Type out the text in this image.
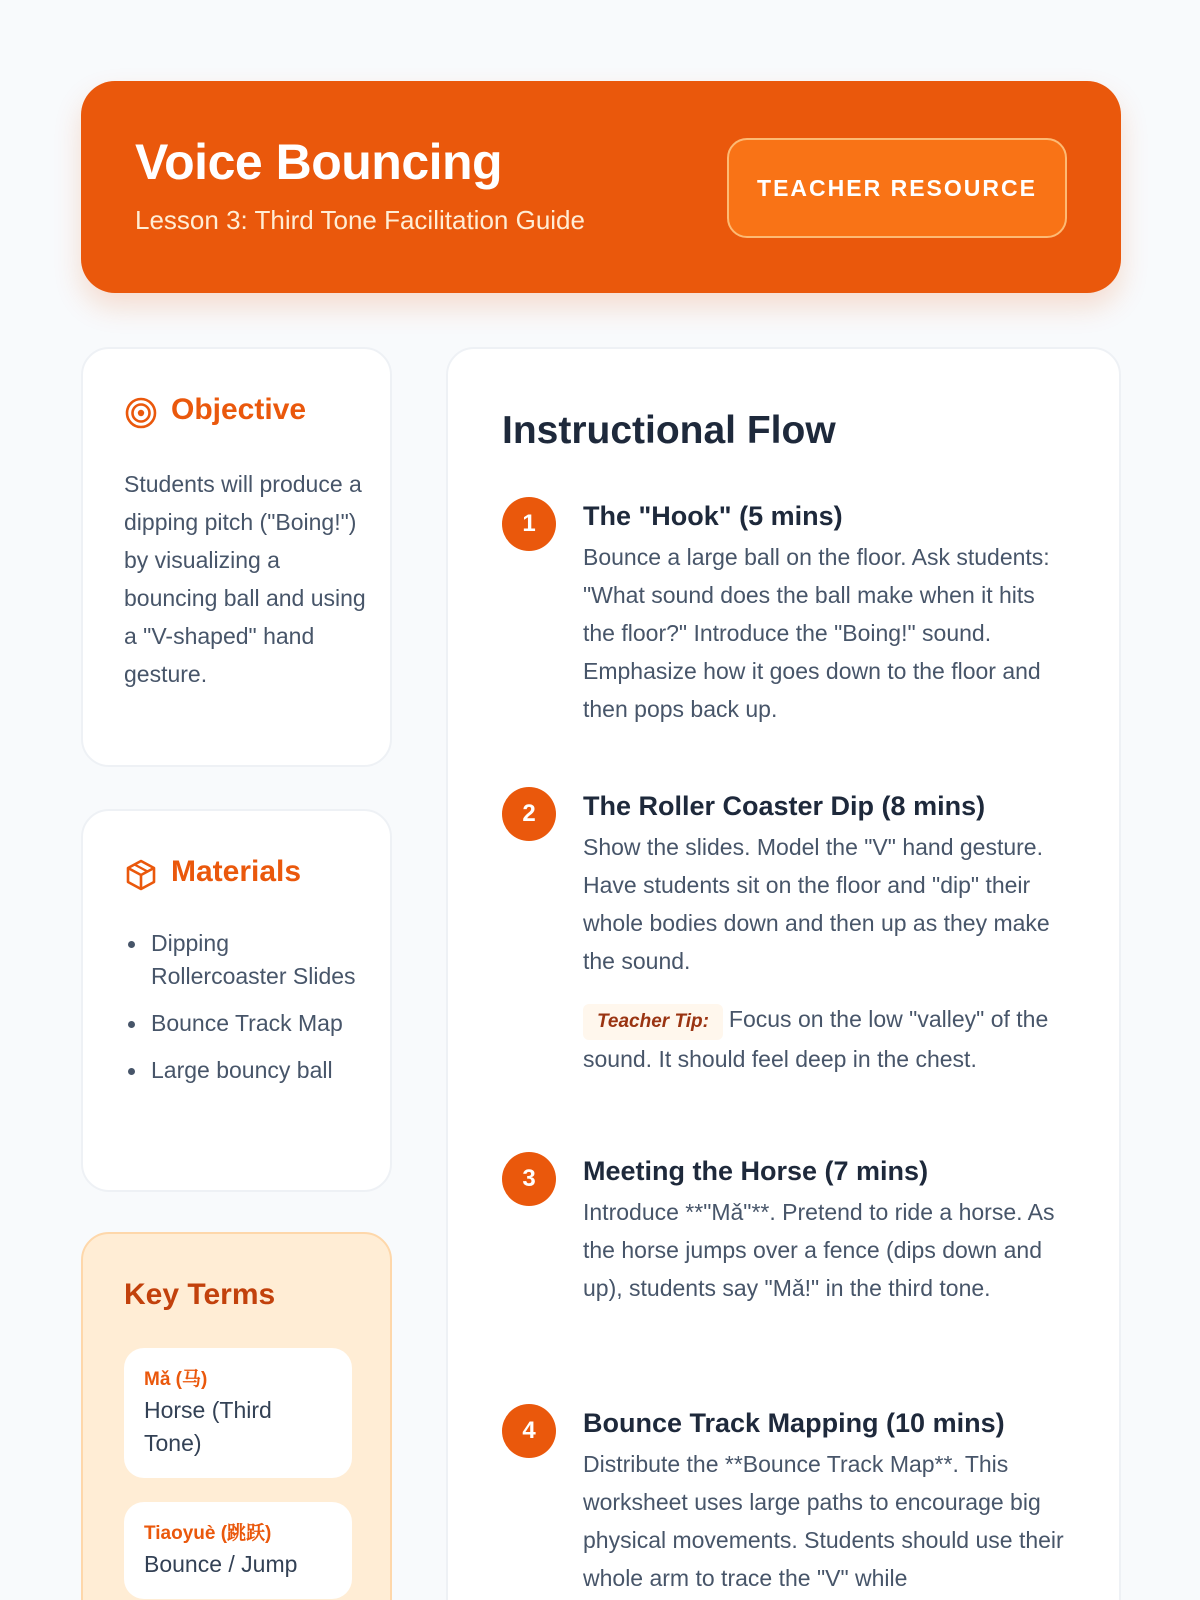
Voice Bouncing
Lesson 3: Third Tone Facilitation Guide
TEACHER RESOURCE
Objective
Students will produce a dipping pitch ("Boing!") by visualizing a bouncing ball and using a "V-shaped" hand gesture.
Materials
Dipping Rollercoaster Slides
Bounce Track Map
Large bouncy ball
Key Terms
Mǎ (马)
Horse (Third Tone)
Tiaoyuè (跳跃)
Bounce / Jump
Instructional Flow
1	The "Hook" (5 mins)
Bounce a large ball on the floor. Ask students: "What sound does the ball make when it hits the floor?" Introduce the "Boing!" sound. Emphasize how it goes down to the floor and then pops back up.
2	The Roller Coaster Dip (8 mins)
Show the slides. Model the "V" hand gesture. Have students sit on the floor and "dip" their whole bodies down and then up as they make the sound.
Teacher Tip: Focus on the low "valley" of the sound. It should feel deep in the chest.
3	Meeting the Horse (7 mins)
Introduce **"Mǎ"**. Pretend to ride a horse. As the horse jumps over a fence (dips down and up), students say "Mǎ!" in the third tone.
4	Bounce Track Mapping (10 mins)
Distribute the **Bounce Track Map**. This worksheet uses large paths to encourage big physical movements. Students should use their whole arm to trace the "V" while
